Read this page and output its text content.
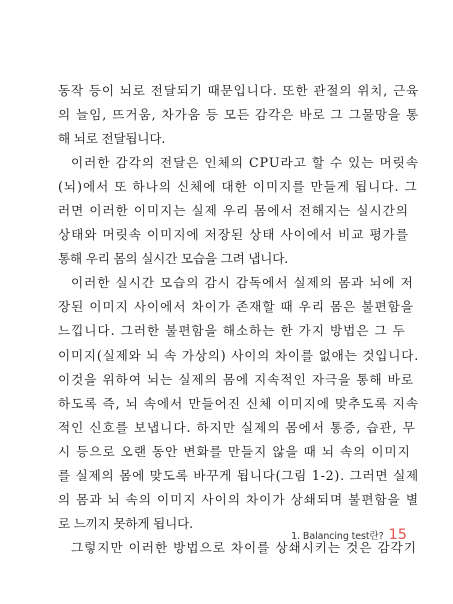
동작 등이 뇌로 전달되기 때문입니다. 또한 관절의 위치, 근육
의 늘임, 뜨거움, 차가움 등 모든 감각은 바로 그 그물망을 통
해 뇌로 전달됩니다.
이러한 감각의 전달은 인체의 CPU라고 할 수 있는 머릿속
(뇌)에서 또 하나의 신체에 대한 이미지를 만들게 됩니다. 그
러면 이러한 이미지는 실제 우리 몸에서 전해지는 실시간의
상태와 머릿속 이미지에 저장된 상태 사이에서 비교 평가를
통해 우리 몸의 실시간 모습을 그려 냅니다.
이러한 실시간 모습의 감시 감독에서 실제의 몸과 뇌에 저
장된 이미지 사이에서 차이가 존재할 때 우리 몸은 불편함을
느낍니다. 그러한 불편함을 해소하는 한 가지 방법은 그 두
이미지(실제와 뇌 속 가상의) 사이의 차이를 없애는 것입니다.
이것을 위하여 뇌는 실제의 몸에 지속적인 자극을 통해 바로
하도록 즉, 뇌 속에서 만들어진 신체 이미지에 맞추도록 지속
적인 신호를 보냅니다. 하지만 실제의 몸에서 통증, 습관, 무
시 등으로 오랜 동안 변화를 만들지 않을 때 뇌 속의 이미지
를 실제의 몸에 맞도록 바꾸게 됩니다(그림 1-2). 그러면 실제
의 몸과 뇌 속의 이미지 사이의 차이가 상쇄되며 불편함을 별
로 느끼지 못하게 됩니다.
그렇지만 이러한 방법으로 차이를 상쇄시키는 것은 감각기
1. Balancing test란? 15
